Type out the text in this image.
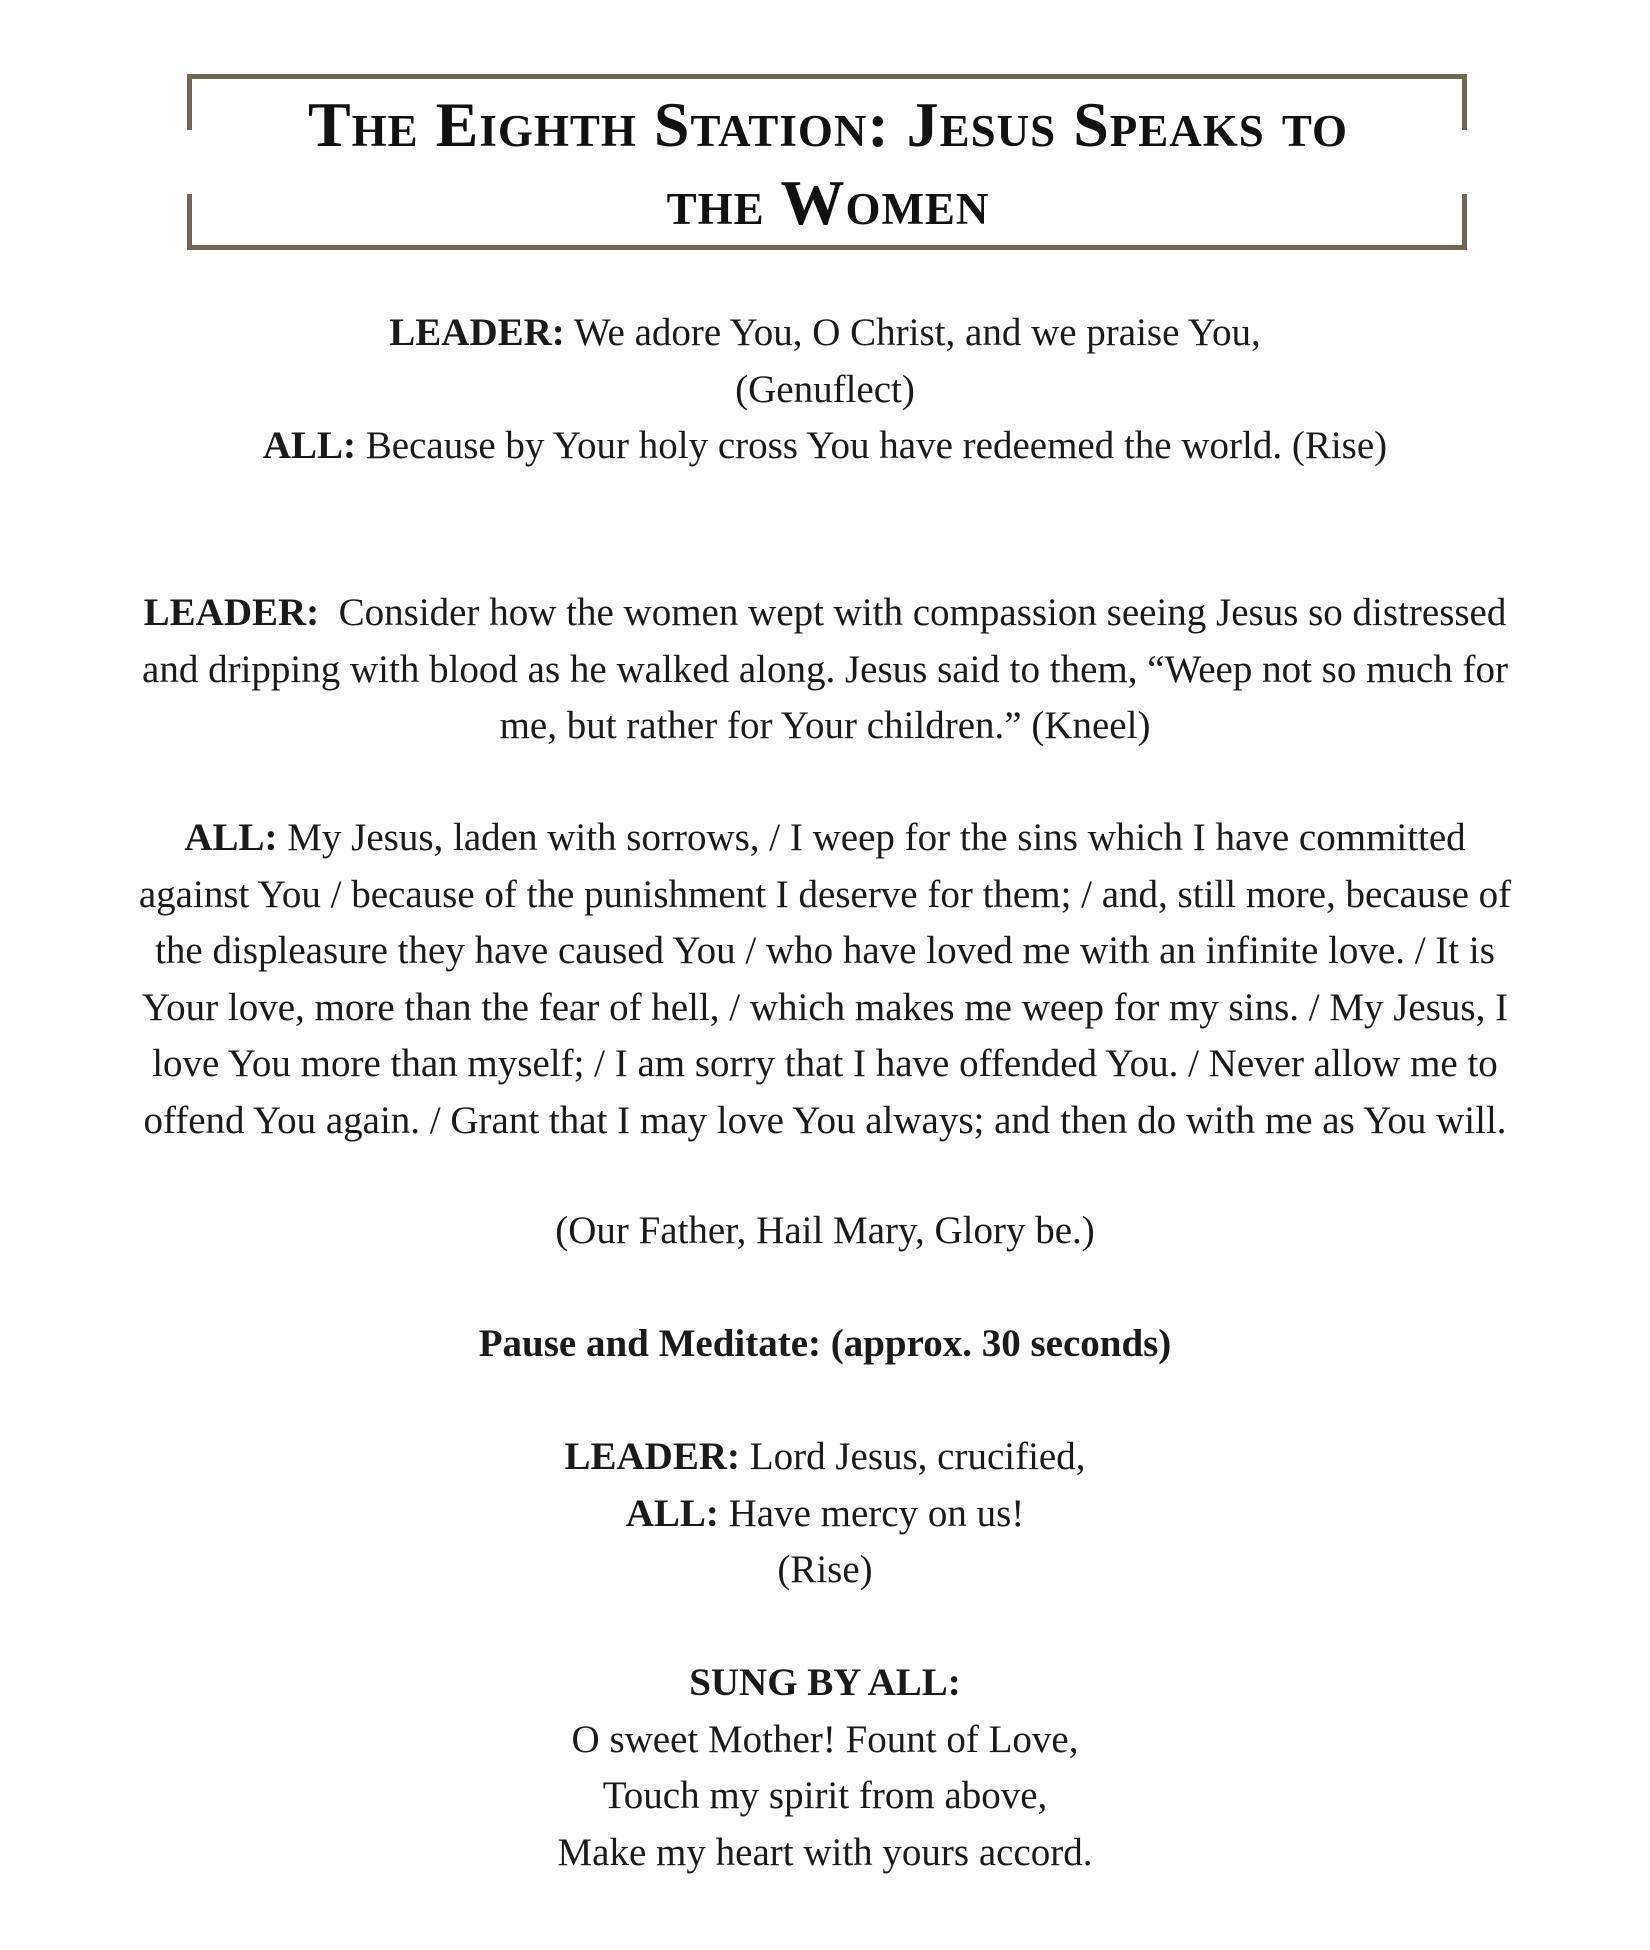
The Eighth Station: Jesus Speaks to
the Women

LEADER: We adore You, O Christ, and we praise You,

(Genuflect)

ALL: Because by Your holy cross You have redeemed the world. (Rise)

LEADER:  Consider how the women wept with compassion seeing Jesus so distressed

and dripping with blood as he walked along. Jesus said to them, “Weep not so much for

me, but rather for Your children.” (Kneel)

ALL: My Jesus, laden with sorrows, / I weep for the sins which I have committed

against You / because of the punishment I deserve for them; / and, still more, because of

the displeasure they have caused You / who have loved me with an infinite love. / It is

Your love, more than the fear of hell, / which makes me weep for my sins. / My Jesus, I

love You more than myself; / I am sorry that I have offended You. / Never allow me to

offend You again. / Grant that I may love You always; and then do with me as You will.

(Our Father, Hail Mary, Glory be.)

Pause and Meditate: (approx. 30 seconds)

LEADER: Lord Jesus, crucified,

ALL: Have mercy on us!

(Rise)

SUNG BY ALL:

O sweet Mother! Fount of Love,

Touch my spirit from above,

Make my heart with yours accord.
